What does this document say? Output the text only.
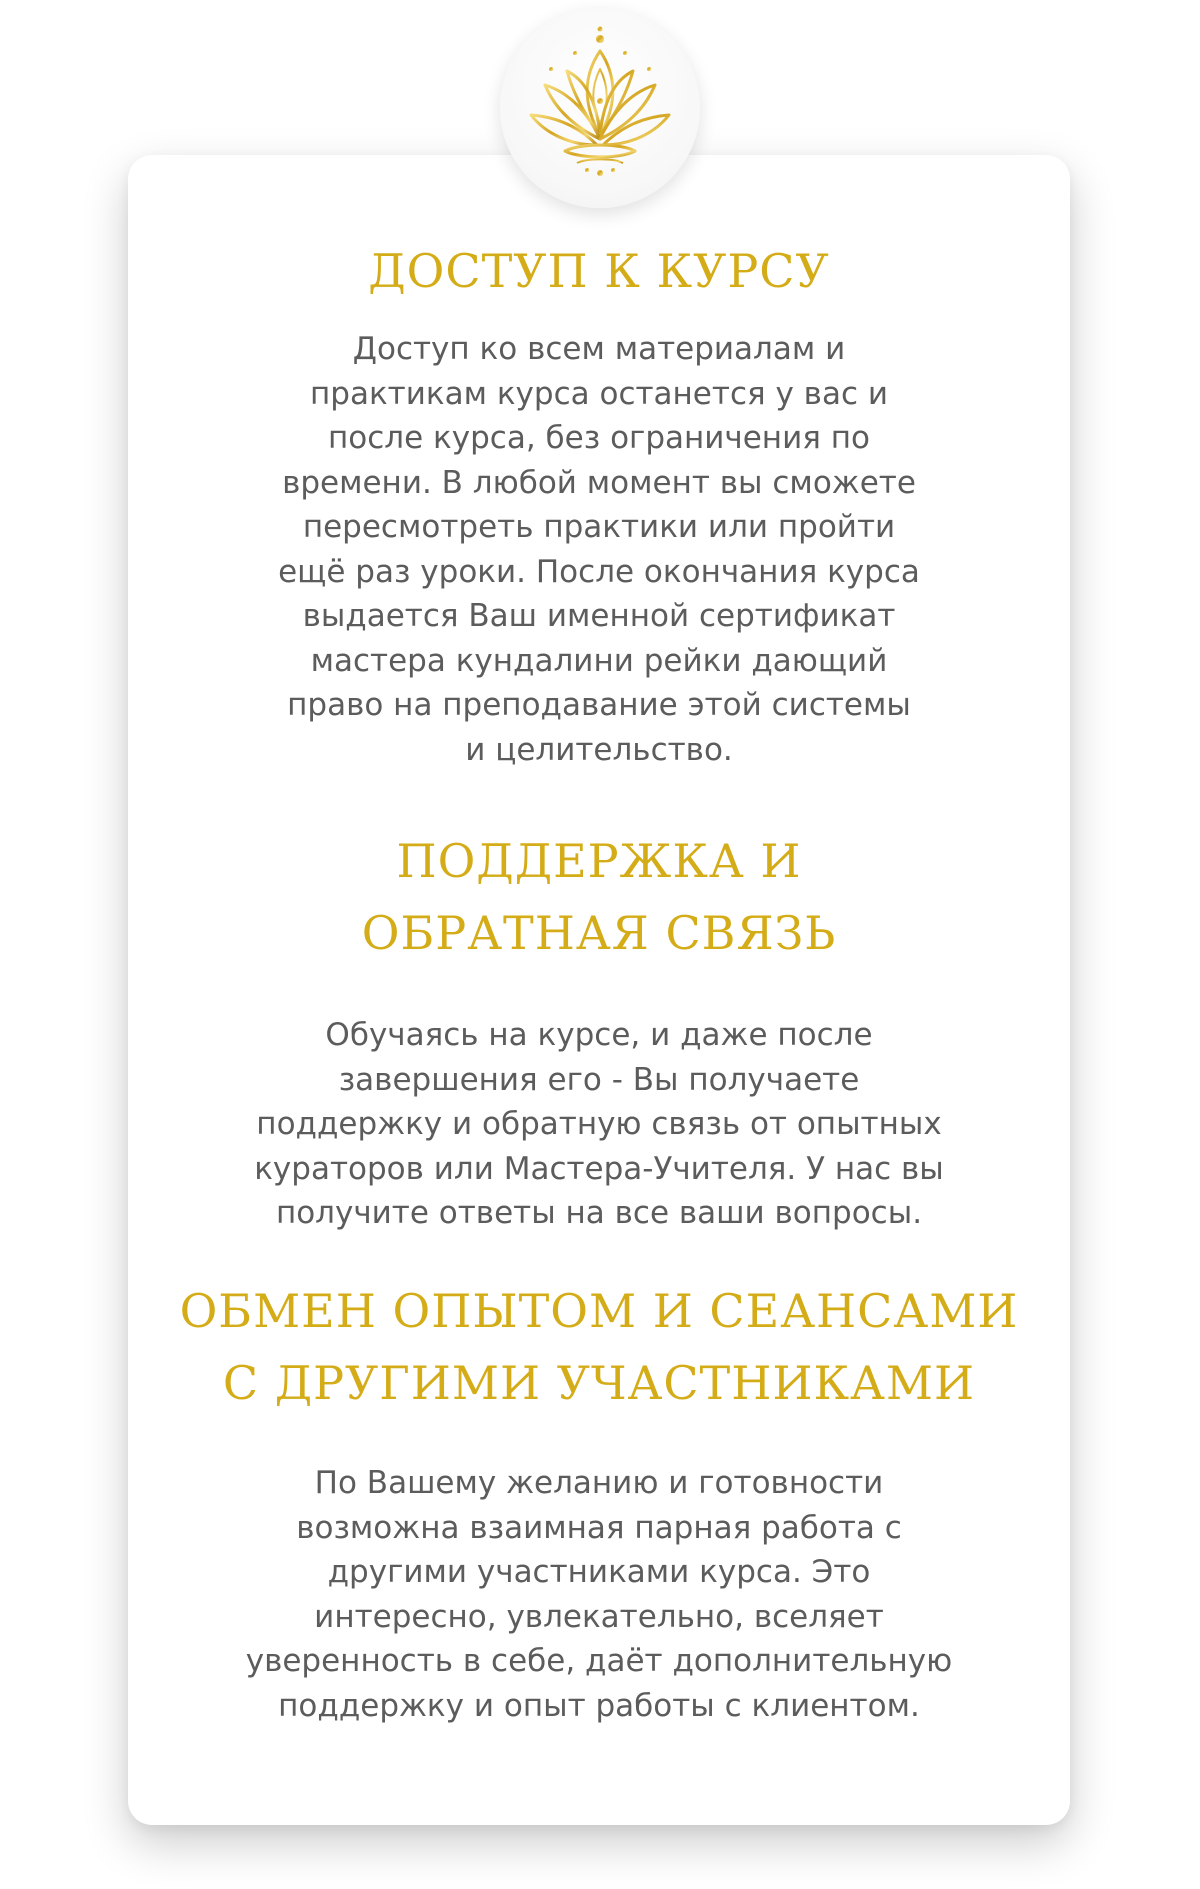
ДОСТУП К КУРСУ

Доступ ко всем материалам и
практикам курса останется у вас и
после курса, без ограничения по
времени. В любой момент вы сможете
пересмотреть практики или пройти
ещё раз уроки. После окончания курса
выдается Ваш именной сертификат
мастера кундалини рейки дающий
право на преподавание этой системы
и целительство.

ПОДДЕРЖКА И
ОБРАТНАЯ СВЯЗЬ

Обучаясь на курсе, и даже после
завершения его - Вы получаете
поддержку и обратную связь от опытных
кураторов или Мастера-Учителя. У нас вы
получите ответы на все ваши вопросы.

ОБМЕН ОПЫТОМ И СЕАНСАМИ
С ДРУГИМИ УЧАСТНИКАМИ

По Вашему желанию и готовности
возможна взаимная парная работа с
другими участниками курса. Это
интересно, увлекательно, вселяет
уверенность в себе, даёт дополнительную
поддержку и опыт работы с клиентом.
